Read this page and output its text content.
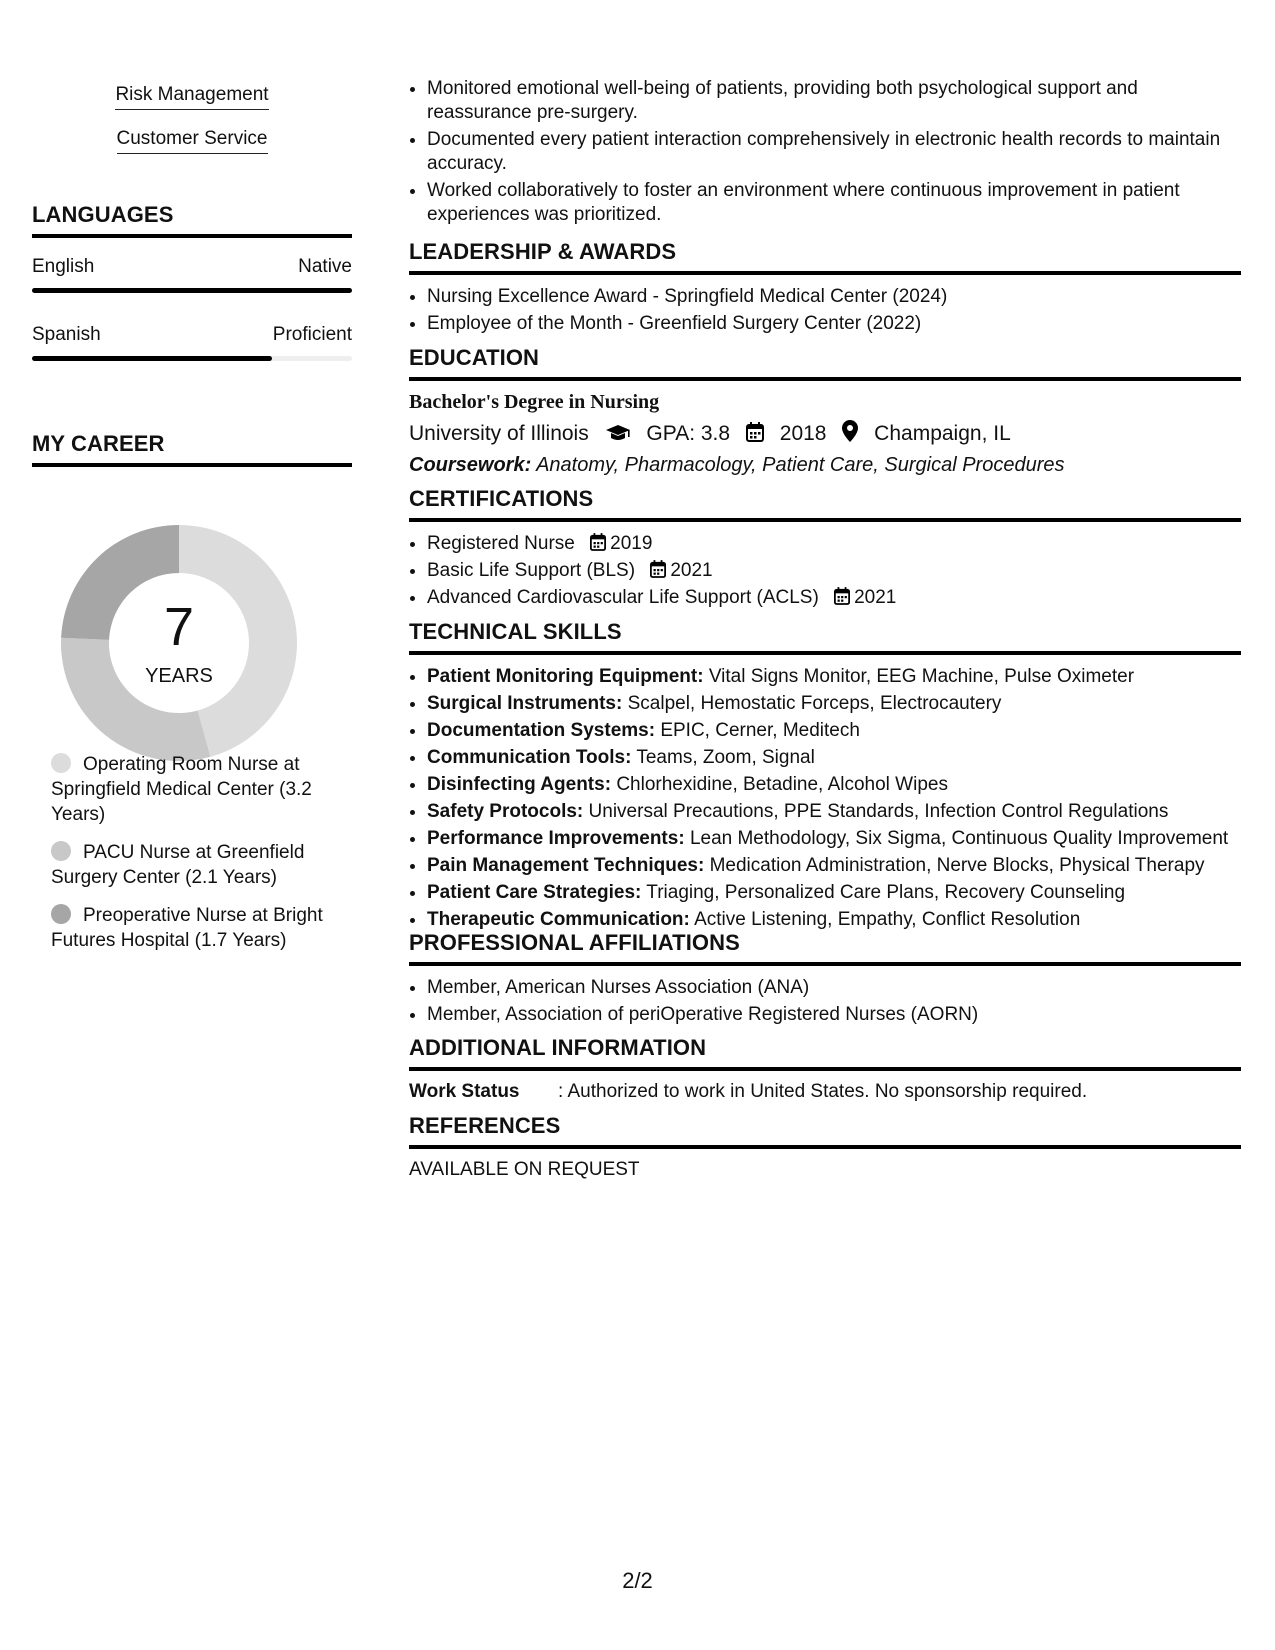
Risk Management
Customer Service
LANGUAGES
English	Native
Spanish	Proficient
MY CAREER
7
YEARS
Operating Room Nurse at Springfield Medical Center (3.2 Years)
PACU Nurse at Greenfield Surgery Center (2.1 Years)
Preoperative Nurse at Bright Futures Hospital (1.7 Years)
• Monitored emotional well-being of patients, providing both psychological support and reassurance pre-surgery.
• Documented every patient interaction comprehensively in electronic health records to maintain accuracy.
• Worked collaboratively to foster an environment where continuous improvement in patient experiences was prioritized.
LEADERSHIP & AWARDS
• Nursing Excellence Award - Springfield Medical Center (2024)
• Employee of the Month - Greenfield Surgery Center (2022)
EDUCATION
Bachelor's Degree in Nursing
University of Illinois	GPA: 3.8 2018 Champaign, IL
Coursework: Anatomy, Pharmacology, Patient Care, Surgical Procedures
CERTIFICATIONS
• Registered Nurse 2019
• Basic Life Support (BLS) 2021
• Advanced Cardiovascular Life Support (ACLS) 2021
TECHNICAL SKILLS
• Patient Monitoring Equipment: Vital Signs Monitor, EEG Machine, Pulse Oximeter
• Surgical Instruments: Scalpel, Hemostatic Forceps, Electrocautery
• Documentation Systems: EPIC, Cerner, Meditech
• Communication Tools: Teams, Zoom, Signal
• Disinfecting Agents: Chlorhexidine, Betadine, Alcohol Wipes
• Safety Protocols: Universal Precautions, PPE Standards, Infection Control Regulations
• Performance Improvements: Lean Methodology, Six Sigma, Continuous Quality Improvement
• Pain Management Techniques: Medication Administration, Nerve Blocks, Physical Therapy
• Patient Care Strategies: Triaging, Personalized Care Plans, Recovery Counseling
• Therapeutic Communication: Active Listening, Empathy, Conflict Resolution
PROFESSIONAL AFFILIATIONS
• Member, American Nurses Association (ANA)
• Member, Association of periOperative Registered Nurses (AORN)
ADDITIONAL INFORMATION
Work Status	: Authorized to work in United States. No sponsorship required.
REFERENCES
AVAILABLE ON REQUEST
2/2
